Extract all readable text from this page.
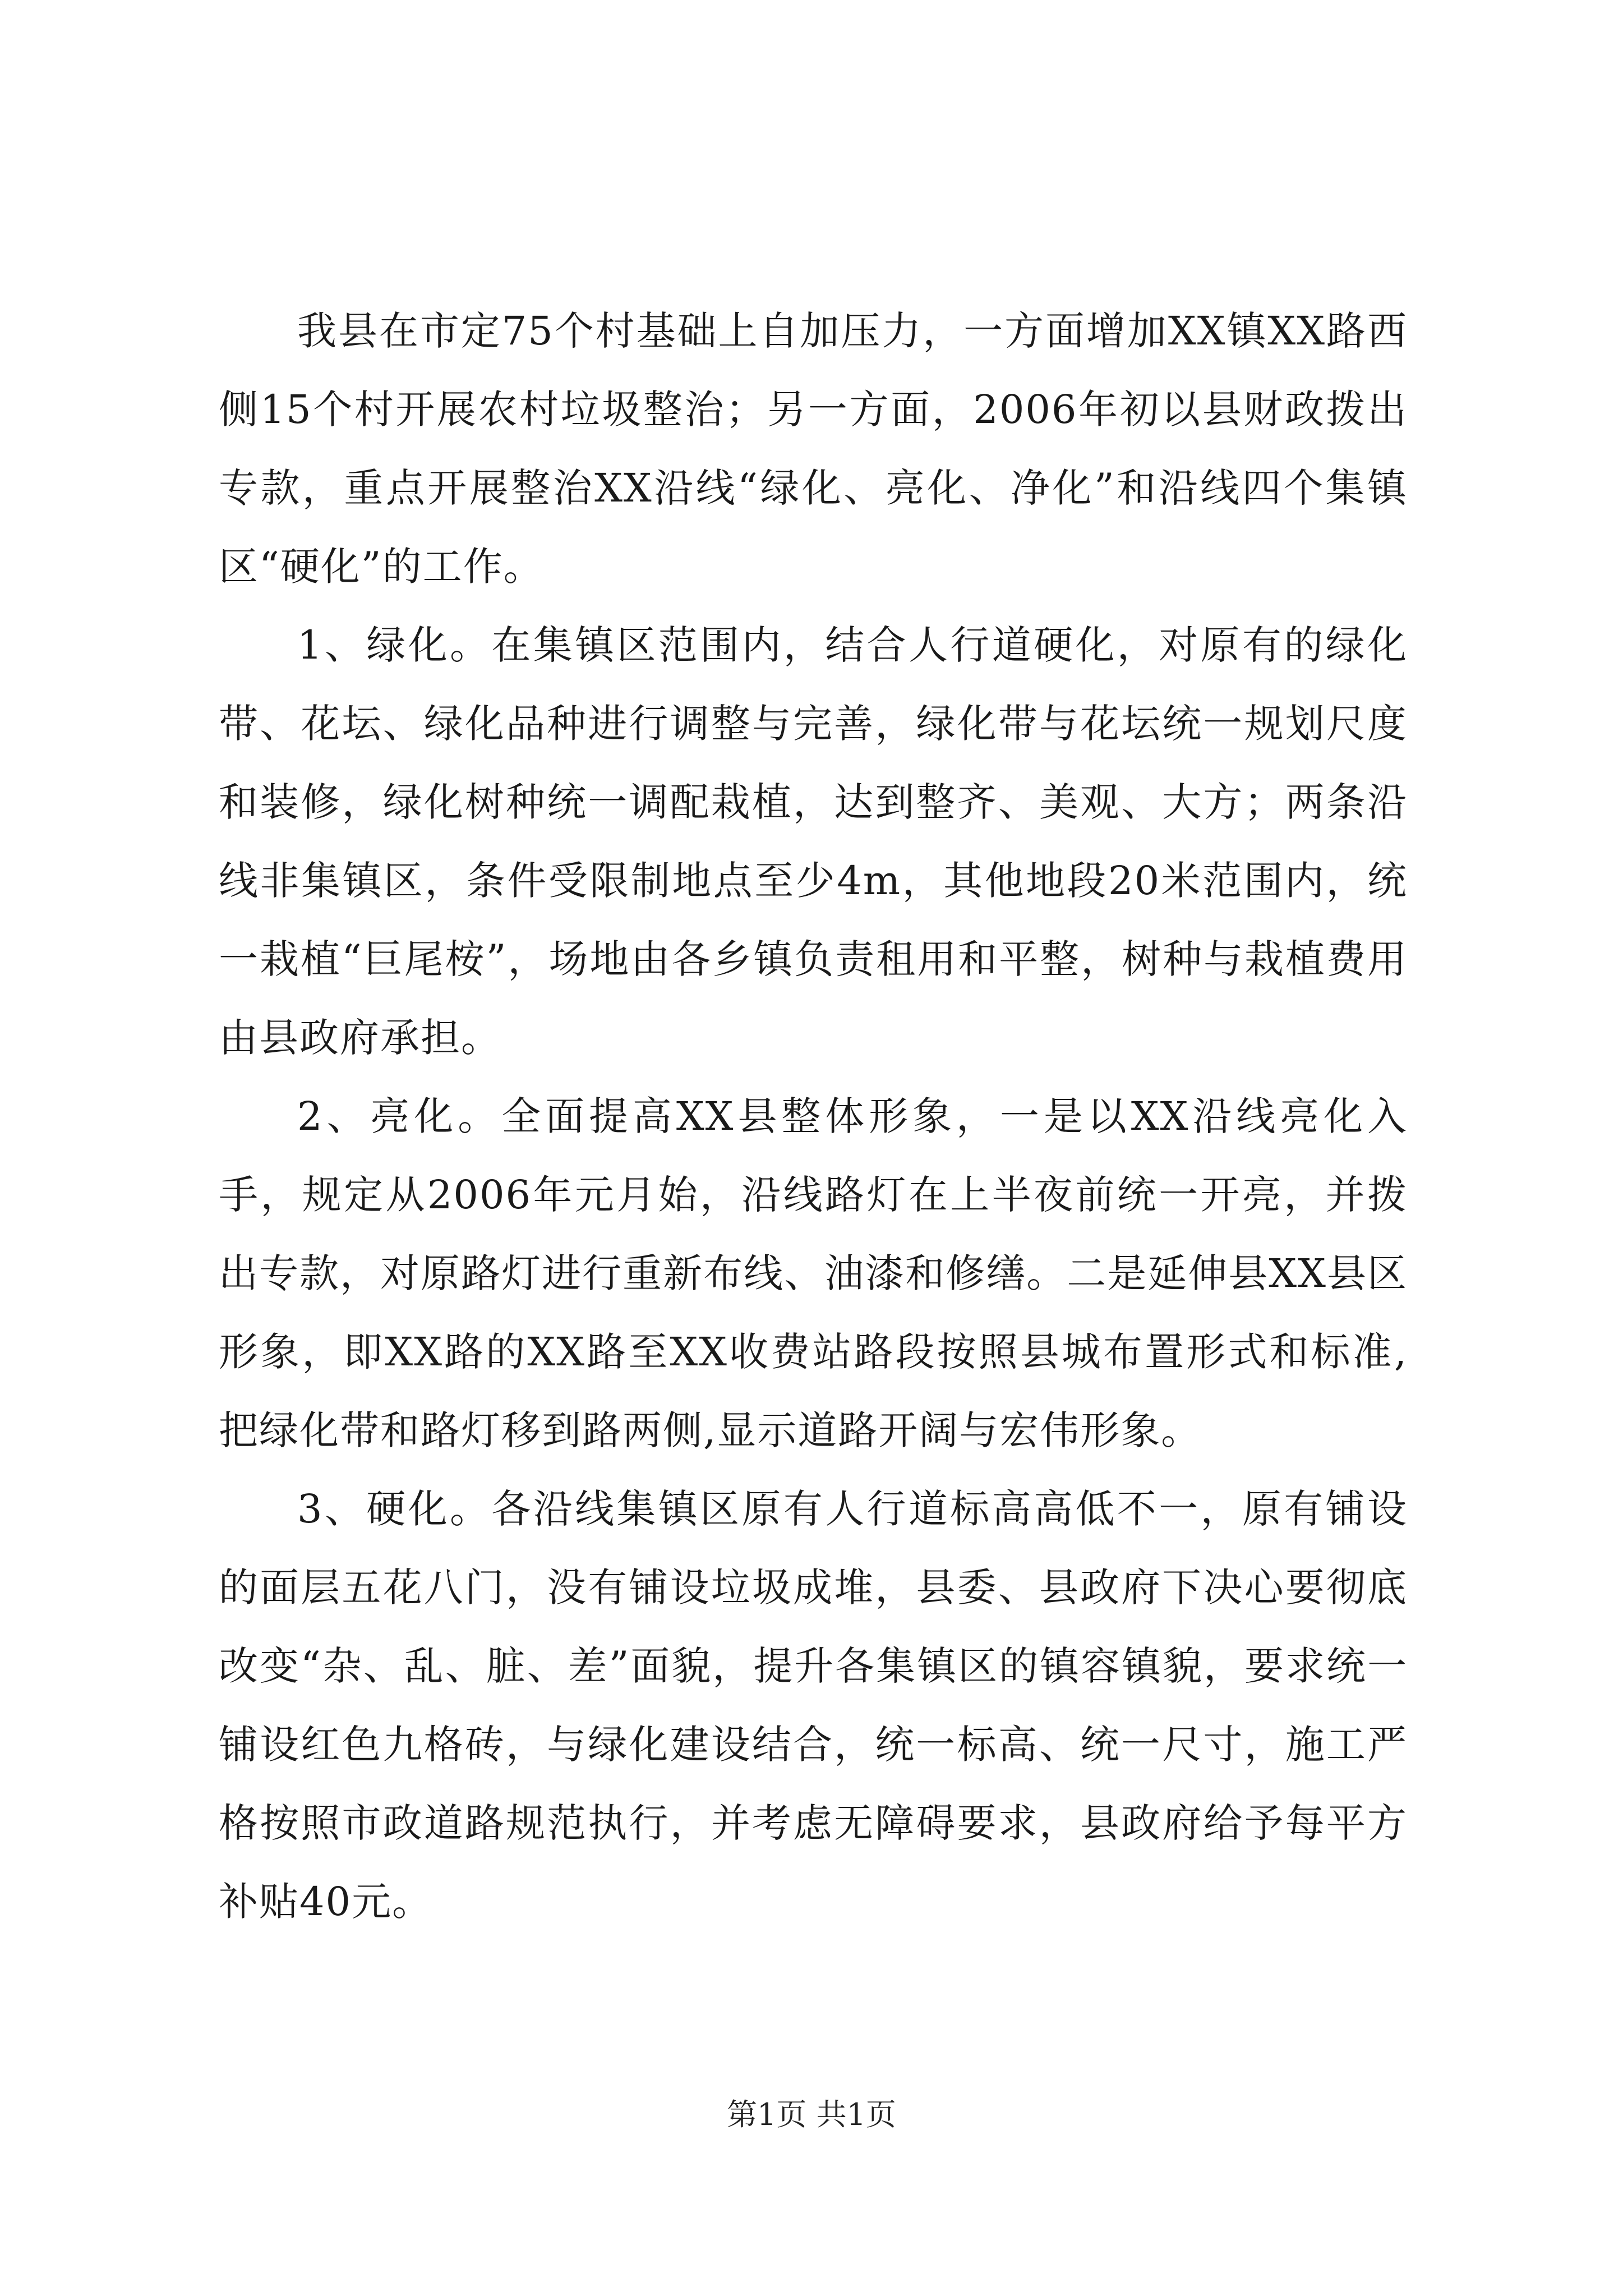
我县在市定75个村基础上自加压力，一方面增加XX镇XX路西侧15个村开展农村垃圾整治；另一方面，2006年初以县财政拨出专款，重点开展整治XX沿线“绿化、亮化、净化”和沿线四个集镇区“硬化”的工作。

1、绿化。在集镇区范围内，结合人行道硬化，对原有的绿化带、花坛、绿化品种进行调整与完善，绿化带与花坛统一规划尺度和装修，绿化树种统一调配栽植，达到整齐、美观、大方；两条沿线非集镇区，条件受限制地点至少4m，其他地段20米范围内，统一栽植“巨尾桉”，场地由各乡镇负责租用和平整，树种与栽植费用由县政府承担。

2、亮化。全面提高XX县整体形象，一是以XX沿线亮化入手，规定从2006年元月始，沿线路灯在上半夜前统一开亮，并拨出专款，对原路灯进行重新布线、油漆和修缮。二是延伸县XX县区形象，即XX路的XX路至XX收费站路段按照县城布置形式和标准,把绿化带和路灯移到路两侧,显示道路开阔与宏伟形象。

3、硬化。各沿线集镇区原有人行道标高高低不一，原有铺设的面层五花八门，没有铺设垃圾成堆，县委、县政府下决心要彻底改变“杂、乱、脏、差”面貌，提升各集镇区的镇容镇貌，要求统一铺设红色九格砖，与绿化建设结合，统一标高、统一尺寸，施工严格按照市政道路规范执行，并考虑无障碍要求，县政府给予每平方补贴40元。

第1页 共1页
